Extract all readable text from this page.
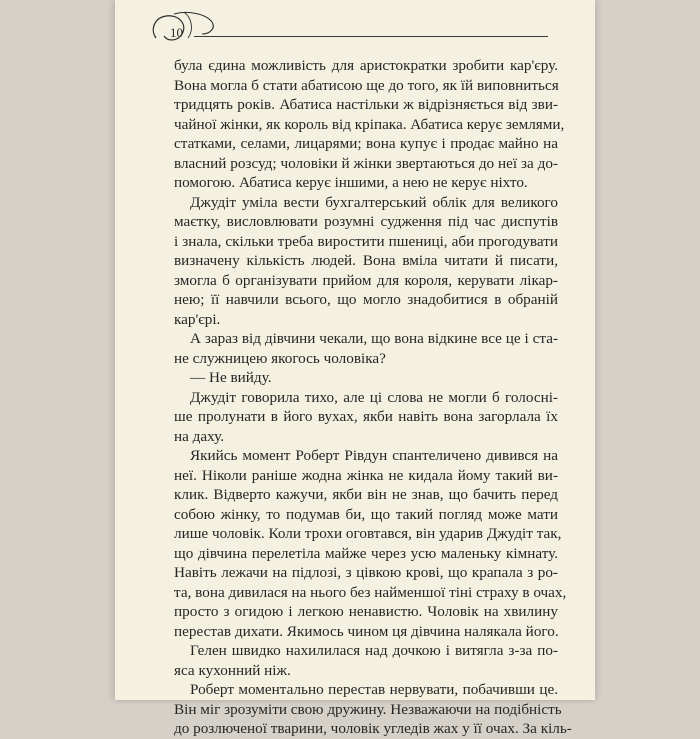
10
була єдина можливість для аристократки зробити кар'єру.
Вона могла б стати абатисою ще до того, як їй виповниться
тридцять років. Абатиса настільки ж відрізняється від зви-
чайної жінки, як король від кріпака. Абатиса керує землями,
статками, селами, лицарями; вона купує і продає майно на
власний розсуд; чоловіки й жінки звертаються до неї за до-
помогою. Абатиса керує іншими, а нею не керує ніхто.
Джудіт уміла вести бухгалтерський облік для великого
маєтку, висловлювати розумні судження під час диспутів
і знала, скільки треба виростити пшениці, аби прогодувати
визначену кількість людей. Вона вміла читати й писати,
змогла б організувати прийом для короля, керувати лікар-
нею; її навчили всього, що могло знадобитися в обраній
кар'єрі.
А зараз від дівчини чекали, що вона відкине все це і ста-
не служницею якогось чоловіка?
— Не вийду.
Джудіт говорила тихо, але ці слова не могли б голосні-
ше пролунати в його вухах, якби навіть вона загорлала їх
на даху.
Якийсь момент Роберт Рівдун спантеличено дивився на
неї. Ніколи раніше жодна жінка не кидала йому такий ви-
клик. Відверто кажучи, якби він не знав, що бачить перед
собою жінку, то подумав би, що такий погляд може мати
лише чоловік. Коли трохи оговтався, він ударив Джудіт так,
що дівчина перелетіла майже через усю маленьку кімнату.
Навіть лежачи на підлозі, з цівкою крові, що крапала з ро-
та, вона дивилася на нього без найменшої тіні страху в очах,
просто з огидою і легкою ненавистю. Чоловік на хвилину
перестав дихати. Якимось чином ця дівчина налякала його.
Гелен швидко нахилилася над дочкою і витягла з-за по-
яса кухонний ніж.
Роберт моментально перестав нервувати, побачивши це.
Він міг зрозуміти свою дружину. Незважаючи на подібність
до розлюченої тварини, чоловік угледів жах у її очах. За кіль-
